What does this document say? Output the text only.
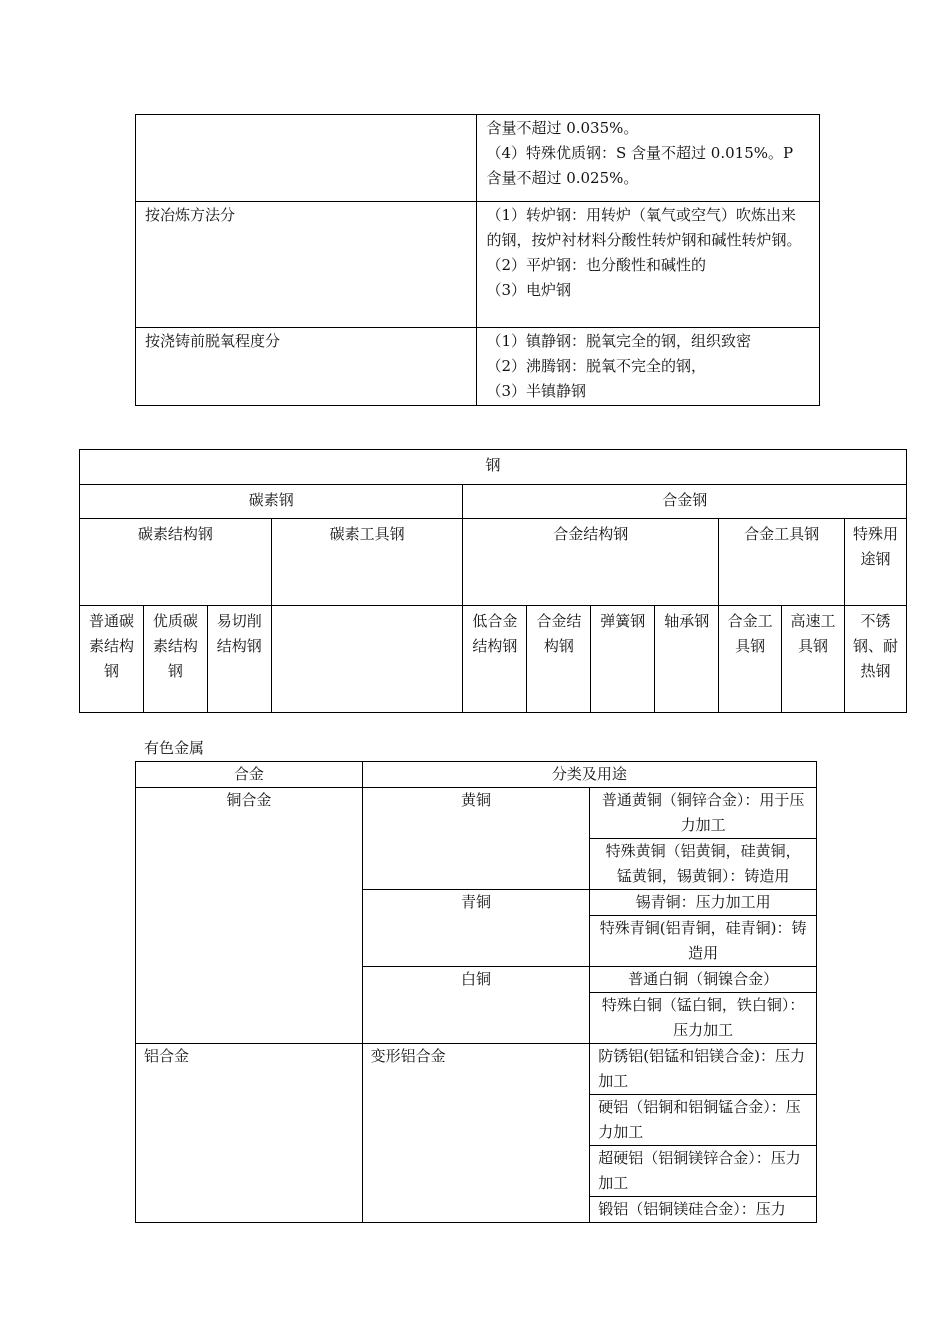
	含量不超过 0.035%。
（4）特殊优质钢：S 含量不超过 0.015%。P 含量不超过 0.025%。

按冶炼方法分	（1）转炉钢：用转炉（氧气或空气）吹炼出来的钢，按炉衬材料分酸性转炉钢和碱性转炉钢。
（2）平炉钢：也分酸性和碱性的
（3）电炉钢

按浇铸前脱氧程度分	（1）镇静钢：脱氧完全的钢，组织致密
（2）沸腾钢：脱氧不完全的钢，
（3）半镇静钢
钢										
碳素钢				合金钢						
碳素结构钢			碳素工具钢	合金结构钢				合金工具钢		特殊用途钢
普通碳素结构钢	优质碳素结构钢	易切削结构钢		低合金结构钢	合金结构钢	弹簧钢	轴承钢	合金工具钢	高速工具钢	不锈钢、耐热钢
有色金属
合金	分类及用途	
铜合金	黄铜	普通黄铜（铜锌合金）：用于压力加工
		特殊黄铜（铝黄铜，硅黄铜，锰黄铜，锡黄铜）：铸造用
	青铜	锡青铜：压力加工用
		特殊青铜(铝青铜，硅青铜)：铸造用
	白铜	普通白铜（铜镍合金）
		特殊白铜（锰白铜，铁白铜）：压力加工
铝合金	变形铝合金	防锈铝(铝锰和铝镁合金)：压力加工
		硬铝（铝铜和铝铜锰合金）：压力加工
		超硬铝（铝铜镁锌合金）：压力加工
		锻铝（铝铜镁硅合金）：压力
